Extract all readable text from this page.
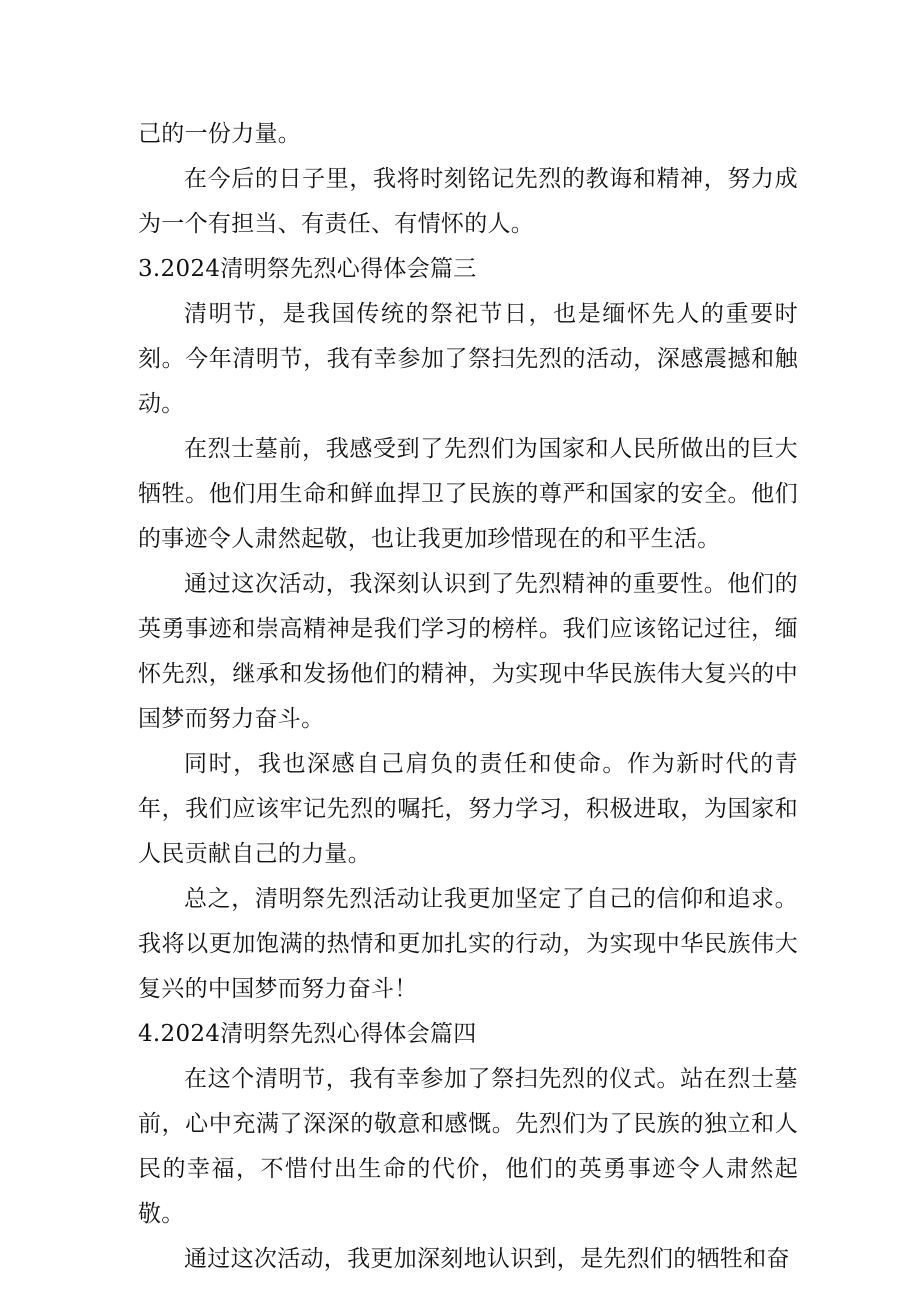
己的一份力量。

在今后的日子里，我将时刻铭记先烈的教诲和精神，努力成为一个有担当、有责任、有情怀的人。

3.2024清明祭先烈心得体会篇三

清明节，是我国传统的祭祀节日，也是缅怀先人的重要时刻。今年清明节，我有幸参加了祭扫先烈的活动，深感震撼和触动。

在烈士墓前，我感受到了先烈们为国家和人民所做出的巨大牺牲。他们用生命和鲜血捍卫了民族的尊严和国家的安全。他们的事迹令人肃然起敬，也让我更加珍惜现在的和平生活。

通过这次活动，我深刻认识到了先烈精神的重要性。他们的英勇事迹和崇高精神是我们学习的榜样。我们应该铭记过往，缅怀先烈，继承和发扬他们的精神，为实现中华民族伟大复兴的中国梦而努力奋斗。

同时，我也深感自己肩负的责任和使命。作为新时代的青年，我们应该牢记先烈的嘱托，努力学习，积极进取，为国家和人民贡献自己的力量。

总之，清明祭先烈活动让我更加坚定了自己的信仰和追求。我将以更加饱满的热情和更加扎实的行动，为实现中华民族伟大复兴的中国梦而努力奋斗！

4.2024清明祭先烈心得体会篇四

在这个清明节，我有幸参加了祭扫先烈的仪式。站在烈士墓前，心中充满了深深的敬意和感慨。先烈们为了民族的独立和人民的幸福，不惜付出生命的代价，他们的英勇事迹令人肃然起敬。

通过这次活动，我更加深刻地认识到，是先烈们的牺牲和奋
